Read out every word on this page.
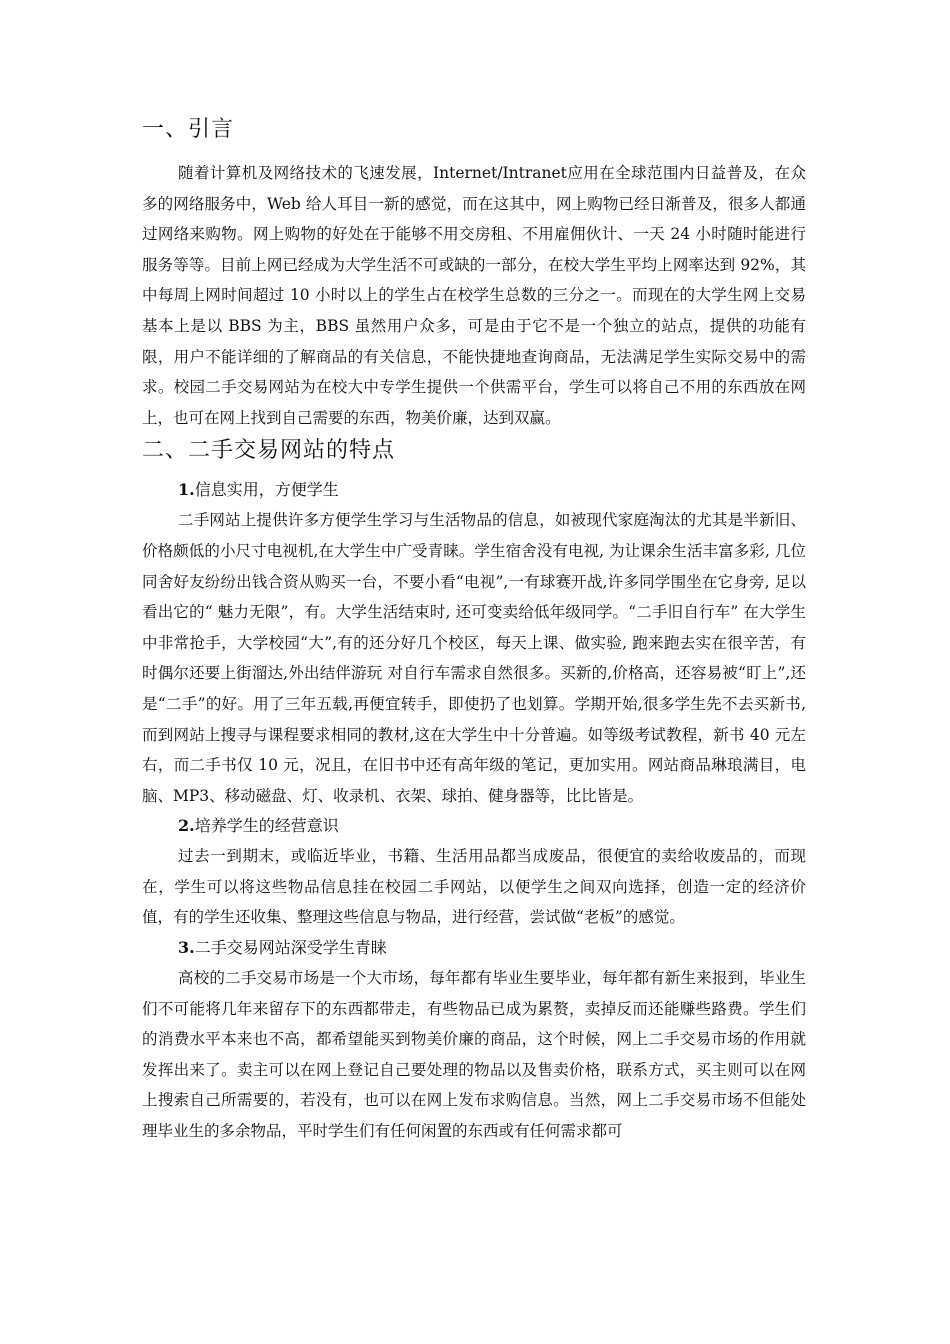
一、引言

随着计算机及网络技术的飞速发展，Internet/Intranet应用在全球范围内日益普及，在众多的网络服务中，Web 给人耳目一新的感觉，而在这其中，网上购物已经日渐普及，很多人都通过网络来购物。网上购物的好处在于能够不用交房租、不用雇佣伙计、一天 24 小时随时能进行服务等等。目前上网已经成为大学生活不可或缺的一部分，在校大学生平均上网率达到 92%，其中每周上网时间超过 10 小时以上的学生占在校学生总数的三分之一。而现在的大学生网上交易基本上是以 BBS 为主，BBS 虽然用户众多，可是由于它不是一个独立的站点，提供的功能有限，用户不能详细的了解商品的有关信息，不能快捷地查询商品，无法满足学生实际交易中的需求。校园二手交易网站为在校大中专学生提供一个供需平台，学生可以将自己不用的东西放在网上，也可在网上找到自己需要的东西，物美价廉，达到双赢。

二、二手交易网站的特点
1.信息实用，方便学生

二手网站上提供许多方便学生学习与生活物品的信息，如被现代家庭淘汰的尤其是半新旧、价格颇低的小尺寸电视机,在大学生中广受青睐。学生宿舍没有电视, 为让课余生活丰富多彩, 几位同舍好友纷纷出钱合资从购买一台，不要小看“电视”,一有球赛开战,许多同学围坐在它身旁, 足以看出它的“ 魅力无限”，有。大学生活结束时, 还可变卖给低年级同学。“二手旧自行车” 在大学生中非常抢手，大学校园“大”,有的还分好几个校区，每天上课、做实验, 跑来跑去实在很辛苦，有时偶尔还要上街溜达,外出结伴游玩 对自行车需求自然很多。买新的,价格高，还容易被“盯上”,还是“二手”的好。用了三年五载,再便宜转手，即使扔了也划算。学期开始,很多学生先不去买新书,而到网站上搜寻与课程要求相同的教材,这在大学生中十分普遍。如等级考试教程，新书 40 元左右，而二手书仅 10 元，况且，在旧书中还有高年级的笔记，更加实用。网站商品琳琅满目，电脑、MP3、移动磁盘、灯、收录机、衣架、球拍、健身器等，比比皆是。

2.培养学生的经营意识

过去一到期末，或临近毕业，书籍、生活用品都当成废品，很便宜的卖给收废品的，而现在，学生可以将这些物品信息挂在校园二手网站，以便学生之间双向选择，创造一定的经济价值，有的学生还收集、整理这些信息与物品，进行经营，尝试做“老板”的感觉。

3.二手交易网站深受学生青睐

高校的二手交易市场是一个大市场，每年都有毕业生要毕业，每年都有新生来报到，毕业生们不可能将几年来留存下的东西都带走，有些物品已成为累赘，卖掉反而还能赚些路费。学生们的消费水平本来也不高，都希望能买到物美价廉的商品，这个时候，网上二手交易市场的作用就发挥出来了。卖主可以在网上登记自己要处理的物品以及售卖价格，联系方式，买主则可以在网上搜索自己所需要的，若没有，也可以在网上发布求购信息。当然，网上二手交易市场不但能处理毕业生的多余物品，平时学生们有任何闲置的东西或有任何需求都可
